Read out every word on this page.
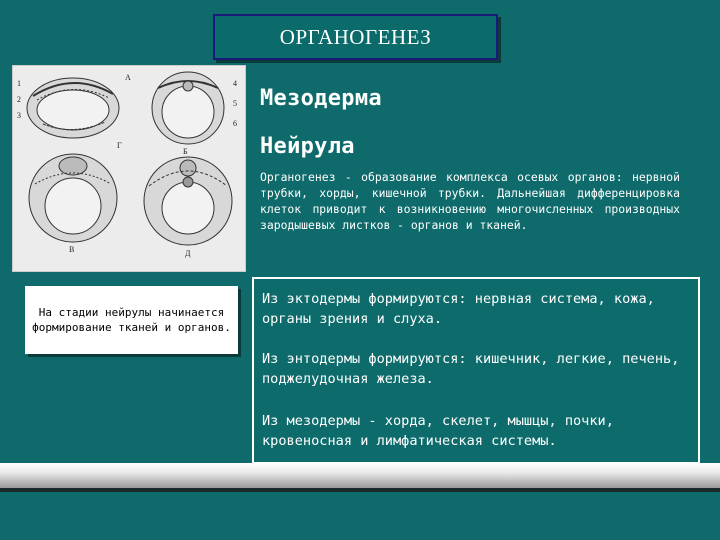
ОРГАНОГЕНЕЗ
А
Б
В
Г
Д
1
2
3
4
5
6
На стадии нейрулы начинается формирование тканей и органов.
Мезодерма
Нейрула
Органогенез - образование комплекса осевых органов: нервной трубки, хорды, кишечной трубки. Дальнейшая дифференцировка клеток приводит к возникновению многочисленных производных зародышевых листков - органов и тканей.
Из эктодермы формируются: нервная система, кожа, органы зрения и слуха.
Из энтодермы формируются: кишечник, легкие, печень, поджелудочная железа.
Из мезодермы - хорда, скелет, мышцы, почки, кровеносная и лимфатическая системы.
